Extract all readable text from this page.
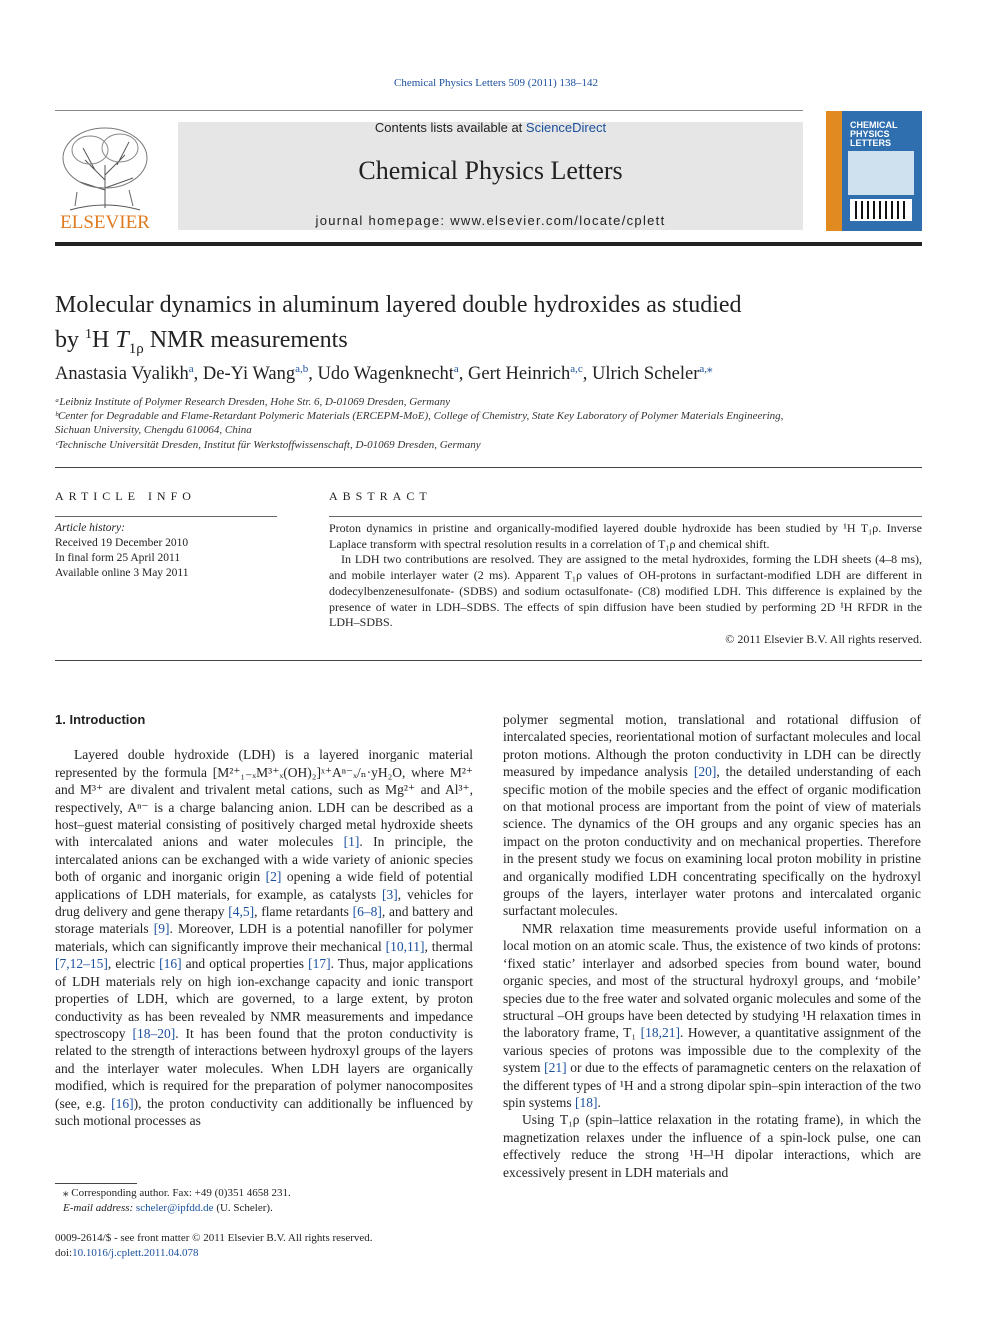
Chemical Physics Letters 509 (2011) 138–142
ELSEVIER
Contents lists available at ScienceDirect
Chemical Physics Letters
journal homepage: www.elsevier.com/locate/cplett
CHEMICAL
PHYSICS
LETTERS
Molecular dynamics in aluminum layered double hydroxides as studied
by $^1$H $T_{1\rho}$ NMR measurements
Anastasia Vyalikh$^a$, De-Yi Wang$^{a,b}$, Udo Wagenknecht$^a$, Gert Heinrich$^{a,c}$, Ulrich Scheler$^{a,⁎}$
ᵃLeibniz Institute of Polymer Research Dresden, Hohe Str. 6, D-01069 Dresden, Germany
ᵇCenter for Degradable and Flame-Retardant Polymeric Materials (ERCEPM-MoE), College of Chemistry, State Key Laboratory of Polymer Materials Engineering,
Sichuan University, Chengdu 610064, China
ᶜTechnische Universität Dresden, Institut für Werkstoffwissenschaft, D-01069 Dresden, Germany
ARTICLE INFO
Article history:
Received 19 December 2010
In final form 25 April 2011
Available online 3 May 2011
ABSTRACT

Proton dynamics in pristine and organically-modified layered double hydroxide has been studied by ¹H T₁ρ. Inverse Laplace transform with spectral resolution results in a correlation of T₁ρ and chemical shift.

In LDH two contributions are resolved. They are assigned to the metal hydroxides, forming the LDH sheets (4–8 ms), and mobile interlayer water (2 ms). Apparent T₁ρ values of OH-protons in surfactant-modified LDH are different in dodecylbenzenesulfonate- (SDBS) and sodium octasulfonate- (C8) modified LDH. This difference is explained by the presence of water in LDH–SDBS. The effects of spin diffusion have been studied by performing 2D ¹H RFDR in the LDH–SDBS.

© 2011 Elsevier B.V. All rights reserved.

1. Introduction

Layered double hydroxide (LDH) is a layered inorganic material represented by the formula [M²⁺₁₋ₓM³⁺ₓ(OH)₂]ˣ⁺Aⁿ⁻ₓ/ₙ·yH₂O, where M²⁺ and M³⁺ are divalent and trivalent metal cations, such as Mg²⁺ and Al³⁺, respectively, Aⁿ⁻ is a charge balancing anion. LDH can be described as a host–guest material consisting of positively charged metal hydroxide sheets with intercalated anions and water molecules [1]. In principle, the intercalated anions can be exchanged with a wide variety of anionic species both of organic and inorganic origin [2] opening a wide field of potential applications of LDH materials, for example, as catalysts [3], vehicles for drug delivery and gene therapy [4,5], flame retardants [6–8], and battery and storage materials [9]. Moreover, LDH is a potential nanofiller for polymer materials, which can significantly improve their mechanical [10,11], thermal [7,12–15], electric [16] and optical properties [17]. Thus, major applications of LDH materials rely on high ion-exchange capacity and ionic transport properties of LDH, which are governed, to a large extent, by proton conductivity as has been revealed by NMR measurements and impedance spectroscopy [18–20]. It has been found that the proton conductivity is related to the strength of interactions between hydroxyl groups of the layers and the interlayer water molecules. When LDH layers are organically modified, which is required for the preparation of polymer nanocomposites (see, e.g. [16]), the proton conductivity can additionally be influenced by such motional processes as

polymer segmental motion, translational and rotational diffusion of intercalated species, reorientational motion of surfactant molecules and local proton motions. Although the proton conductivity in LDH can be directly measured by impedance analysis [20], the detailed understanding of each specific motion of the mobile species and the effect of organic modification on that motional process are important from the point of view of materials science. The dynamics of the OH groups and any organic species has an impact on the proton conductivity and on mechanical properties. Therefore in the present study we focus on examining local proton mobility in pristine and organically modified LDH concentrating specifically on the hydroxyl groups of the layers, interlayer water protons and intercalated organic surfactant molecules.

NMR relaxation time measurements provide useful information on a local motion on an atomic scale. Thus, the existence of two kinds of protons: ‘fixed static’ interlayer and adsorbed species from bound water, bound organic species, and most of the structural hydroxyl groups, and ‘mobile’ species due to the free water and solvated organic molecules and some of the structural –OH groups have been detected by studying ¹H relaxation times in the laboratory frame, T₁ [18,21]. However, a quantitative assignment of the various species of protons was impossible due to the complexity of the system [21] or due to the effects of paramagnetic centers on the relaxation of the different types of ¹H and a strong dipolar spin–spin interaction of the two spin systems [18].

Using T₁ρ (spin–lattice relaxation in the rotating frame), in which the magnetization relaxes under the influence of a spin-lock pulse, one can effectively reduce the strong ¹H–¹H dipolar interactions, which are excessively present in LDH materials and

⁎ Corresponding author. Fax: +49 (0)351 4658 231.
E-mail address: scheler@ipfdd.de (U. Scheler).
0009-2614/$ - see front matter © 2011 Elsevier B.V. All rights reserved.
doi:10.1016/j.cplett.2011.04.078
